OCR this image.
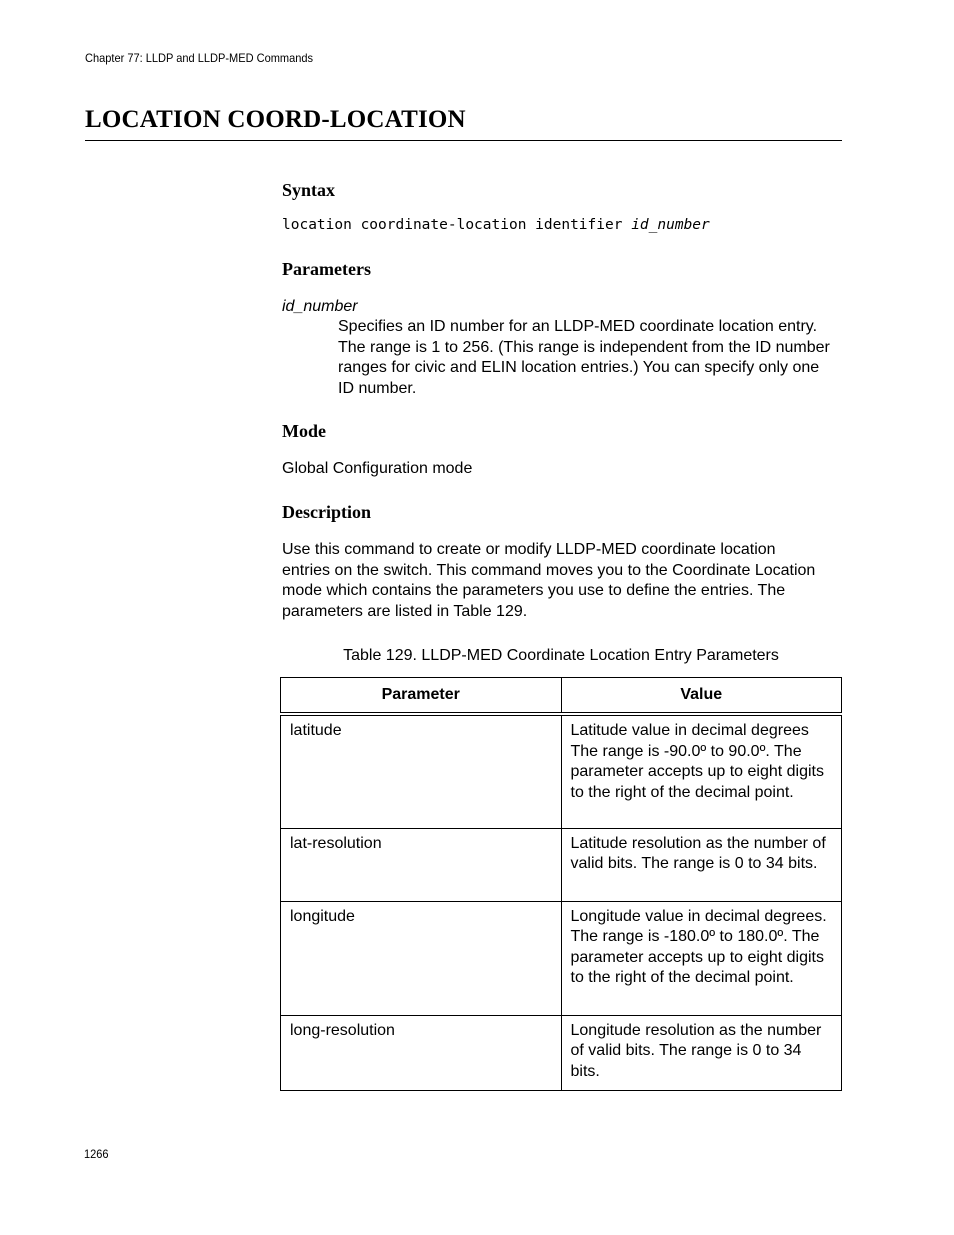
Chapter 77: LLDP and LLDP-MED Commands
LOCATION COORD-LOCATION
Syntax
location coordinate-location identifier id_number
Parameters
id_number
Specifies an ID number for an LLDP-MED coordinate location entry. The range is 1 to 256. (This range is independent from the ID number ranges for civic and ELIN location entries.) You can specify only one ID number.
Mode
Global Configuration mode
Description
Use this command to create or modify LLDP-MED coordinate location entries on the switch. This command moves you to the Coordinate Location mode which contains the parameters you use to define the entries. The parameters are listed in Table 129.
Table 129. LLDP-MED Coordinate Location Entry Parameters
Parameter	Value
latitude	Latitude value in decimal degrees The range is -90.0º to 90.0º. The parameter accepts up to eight digits to the right of the decimal point.
lat-resolution	Latitude resolution as the number of valid bits. The range is 0 to 34 bits.
longitude	Longitude value in decimal degrees. The range is -180.0º to 180.0º. The parameter accepts up to eight digits to the right of the decimal point.
long-resolution	Longitude resolution as the number of valid bits. The range is 0 to 34 bits.
1266
